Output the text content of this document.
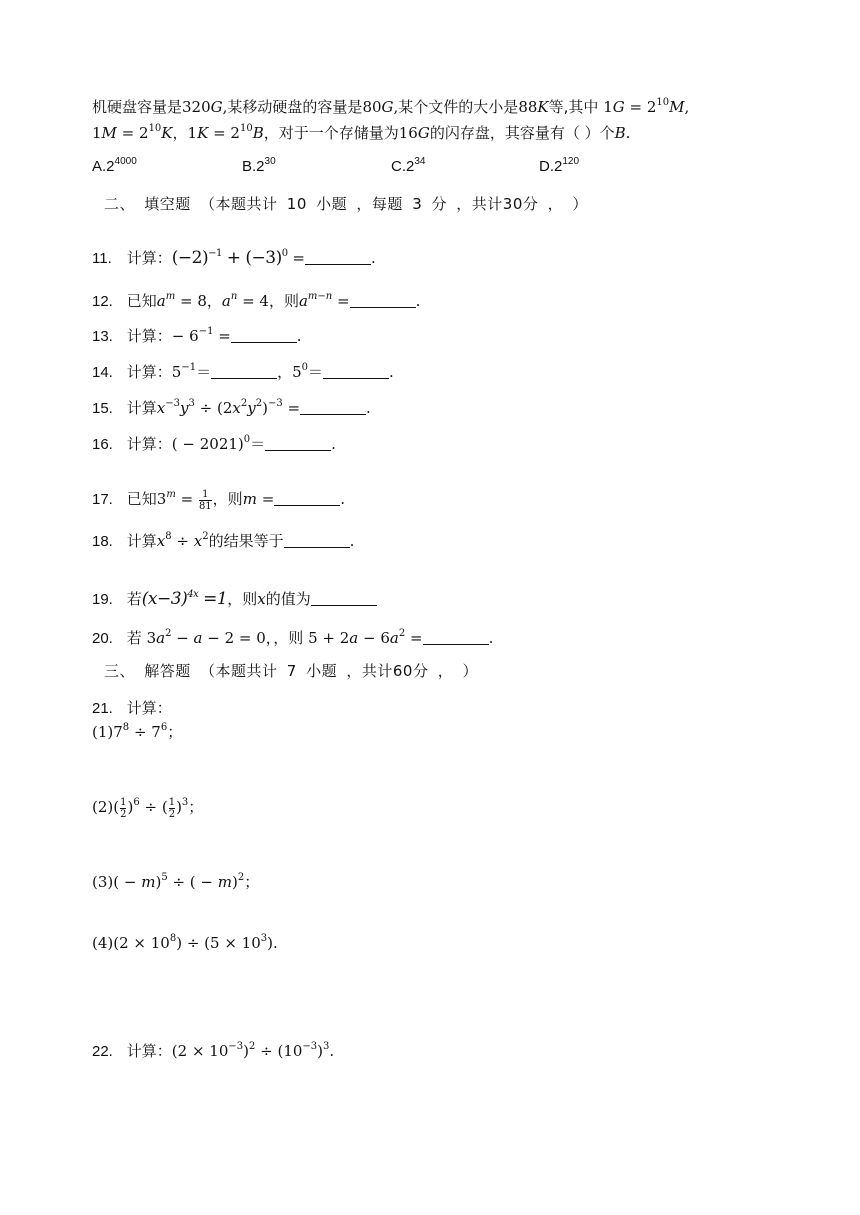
机硬盘容量是320G,某移动硬盘的容量是80G,某个文件的大小是88K等,其中 $1G = 2^{10}M$,
$1M = 2^{10}K$，$1K = 2^{10}B$，对于一个存储量为16G的闪存盘，其容量有（ ）个B.
$A.2^{4000}$	$B.2^{30}$	$C.2^{34}$	$D.2^{120}$
二、 填空题 （本题共计 10 小题 ，每题 3 分 ，共计30分 ， ）
11. 计算：$(-2)^{-1} + (-3)^0$ =	.
12. 已知$a^m = 8$，$a^n = 4$，则$a^{m-n}$ =	.
13. 计算：− $6^{-1}$ =	.
14. 计算：$5^{-1}=$	，$5^0=$	.
15. 计算$x^{-3}y^3 \div (2x^2y^2)^{-3}$ =	.
16. 计算：( − 2021)$^0$＝	.
17. 已知$3^m = \frac{1}{81}$ ，则m =	.
18. 计算$x^8 \div x^2$的结果等于	.
19. 若$(x-3)^{4x} =1$，则x的值为
20. 若 $3a^2 - a - 2 = 0$，，则 $5 + 2a - 6a^2$ =	.
三、 解答题 （本题共计 7 小题 ，共计60分 ， ）
21. 计算：
$(1)7^8 \div 7^6$；
$(2)( \frac{1}{2} )^6$ ÷ ( $\frac{1}{2} )^3$；
$(3)( - m)^5$ ÷ ( − m)$^2$；
$(4)(2 \times 10^8) \div (5 \times 10^3)$.
22. 计算：$(2 \times 10^{-3})^2 \div (10^{-3})^3$.
